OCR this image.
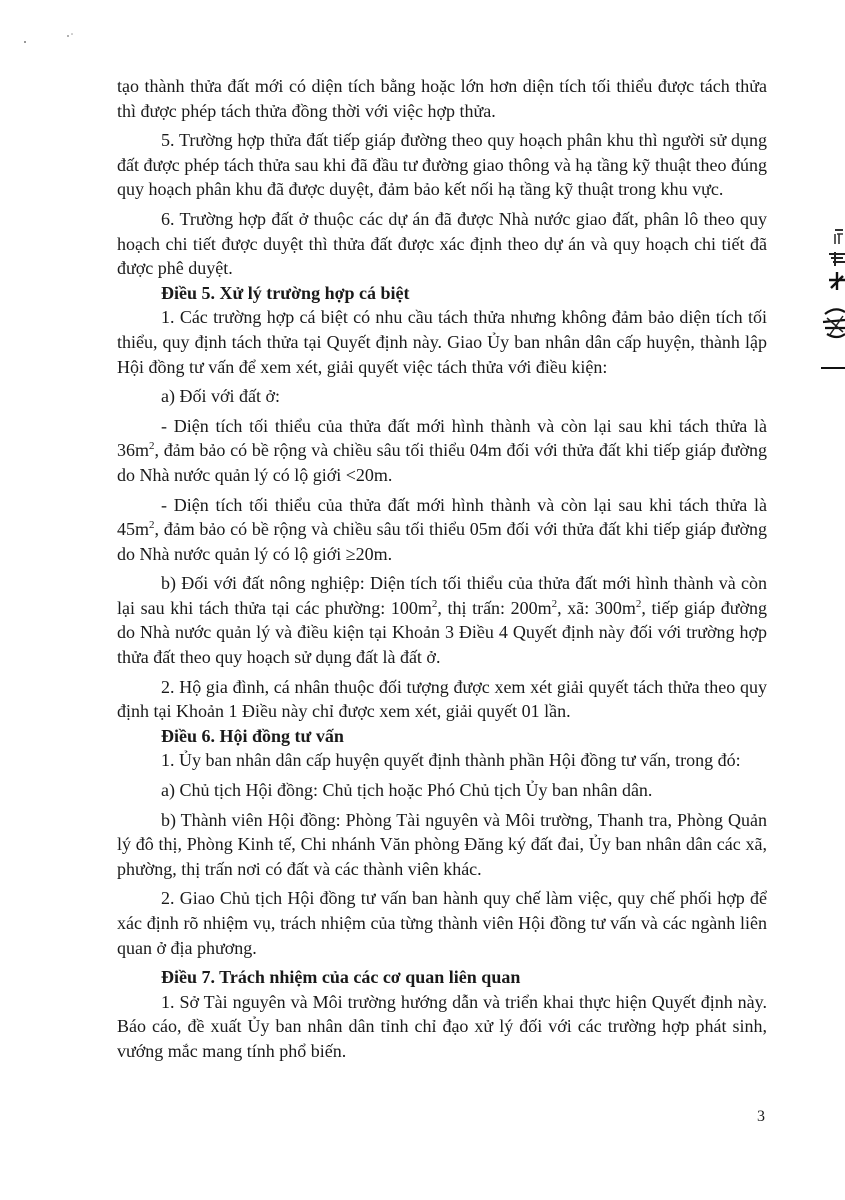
tạo thành thửa đất mới có diện tích bằng hoặc lớn hơn diện tích tối thiểu được tách thửa thì được phép tách thửa đồng thời với việc hợp thửa.

5. Trường hợp thửa đất tiếp giáp đường theo quy hoạch phân khu thì người sử dụng đất được phép tách thửa sau khi đã đầu tư đường giao thông và hạ tầng kỹ thuật theo đúng quy hoạch phân khu đã được duyệt, đảm bảo kết nối hạ tầng kỹ thuật trong khu vực.

6. Trường hợp đất ở thuộc các dự án đã được Nhà nước giao đất, phân lô theo quy hoạch chi tiết được duyệt thì thửa đất được xác định theo dự án và quy hoạch chi tiết đã được phê duyệt.

Điều 5. Xử lý trường hợp cá biệt

1. Các trường hợp cá biệt có nhu cầu tách thửa nhưng không đảm bảo diện tích tối thiểu, quy định tách thửa tại Quyết định này. Giao Ủy ban nhân dân cấp huyện, thành lập Hội đồng tư vấn để xem xét, giải quyết việc tách thửa với điều kiện:

a) Đối với đất ở:

- Diện tích tối thiểu của thửa đất mới hình thành và còn lại sau khi tách thửa là $36m^2$, đảm bảo có bề rộng và chiều sâu tối thiểu 04m đối với thửa đất khi tiếp giáp đường do Nhà nước quản lý có lộ giới <20m.

- Diện tích tối thiểu của thửa đất mới hình thành và còn lại sau khi tách thửa là $45m^2$, đảm bảo có bề rộng và chiều sâu tối thiểu 05m đối với thửa đất khi tiếp giáp đường do Nhà nước quản lý có lộ giới ≥20m.

b) Đối với đất nông nghiệp: Diện tích tối thiểu của thửa đất mới hình thành và còn lại sau khi tách thửa tại các phường: $100m^2$, thị trấn: $200m^2$, xã: $300m^2$, tiếp giáp đường do Nhà nước quản lý và điều kiện tại Khoản 3 Điều 4 Quyết định này đối với trường hợp thửa đất theo quy hoạch sử dụng đất là đất ở.

2. Hộ gia đình, cá nhân thuộc đối tượng được xem xét giải quyết tách thửa theo quy định tại Khoản 1 Điều này chỉ được xem xét, giải quyết 01 lần.

Điều 6. Hội đồng tư vấn

1. Ủy ban nhân dân cấp huyện quyết định thành phần Hội đồng tư vấn, trong đó:

a) Chủ tịch Hội đồng: Chủ tịch hoặc Phó Chủ tịch Ủy ban nhân dân.

b) Thành viên Hội đồng: Phòng Tài nguyên và Môi trường, Thanh tra, Phòng Quản lý đô thị, Phòng Kinh tế, Chi nhánh Văn phòng Đăng ký đất đai, Ủy ban nhân dân các xã, phường, thị trấn nơi có đất và các thành viên khác.

2. Giao Chủ tịch Hội đồng tư vấn ban hành quy chế làm việc, quy chế phối hợp để xác định rõ nhiệm vụ, trách nhiệm của từng thành viên Hội đồng tư vấn và các ngành liên quan ở địa phương.

Điều 7. Trách nhiệm của các cơ quan liên quan

1. Sở Tài nguyên và Môi trường hướng dẫn và triển khai thực hiện Quyết định này. Báo cáo, đề xuất Ủy ban nhân dân tỉnh chỉ đạo xử lý đối với các trường hợp phát sinh, vướng mắc mang tính phổ biến.

3
